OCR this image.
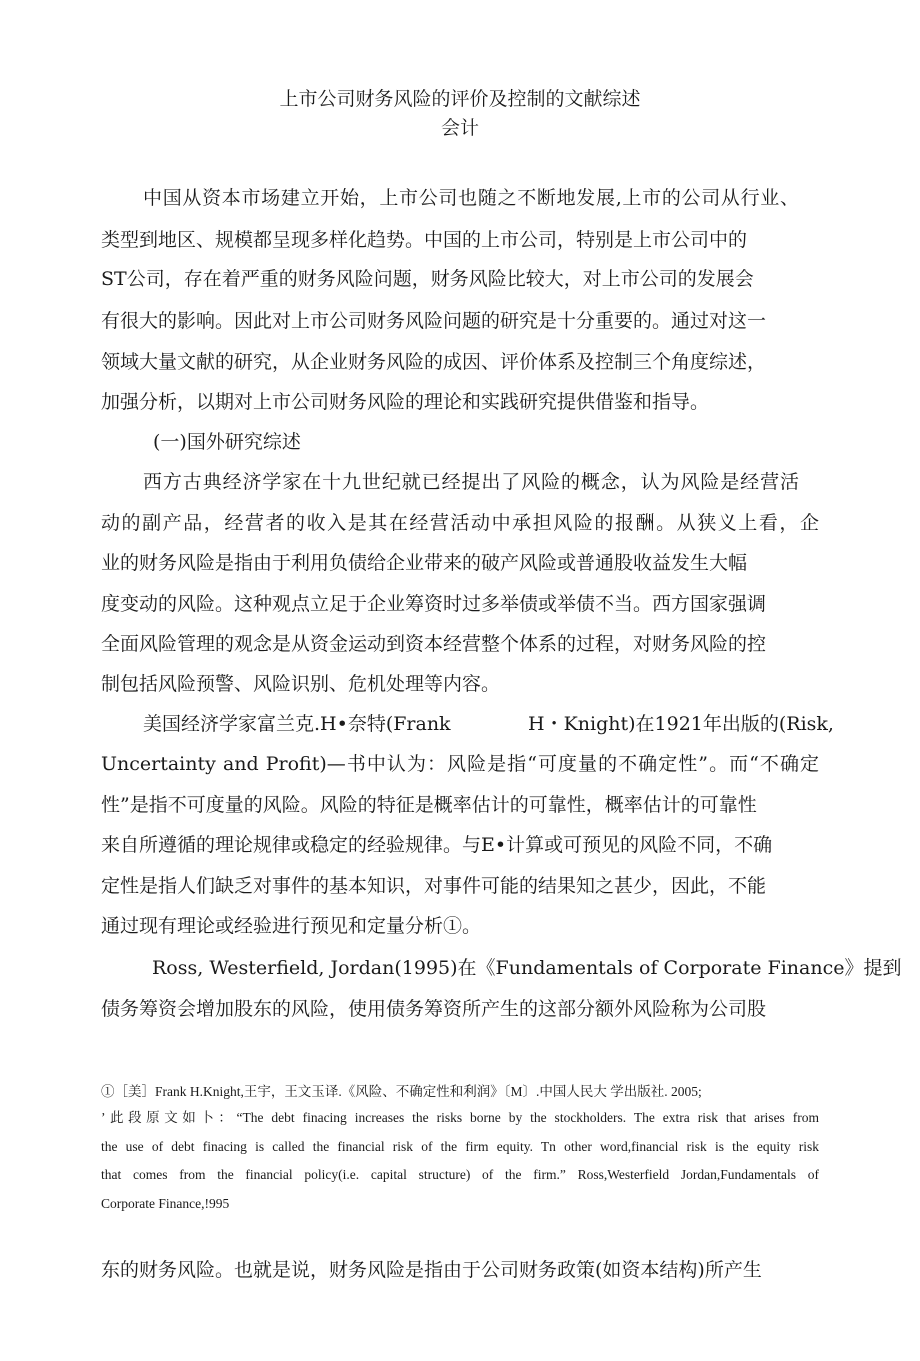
上市公司财务风险的评价及控制的文献综述
会计
中国从资本市场建立开始，上市公司也随之不断地发展,上市的公司从行业、
类型到地区、规模都呈现多样化趋势。中国的上市公司，特别是上市公司中的
ST公司，存在着严重的财务风险问题，财务风险比较大，对上市公司的发展会
有很大的影响。因此对上市公司财务风险问题的研究是十分重要的。通过对这一
领域大量文献的研究，从企业财务风险的成因、评价体系及控制三个角度综述，
加强分析，以期对上市公司财务风险的理论和实践研究提供借鉴和指导。
(一)国外研究综述
西方古典经济学家在十九世纪就已经提出了风险的概念，认为风险是经营活
动的副产品，经营者的收入是其在经营活动中承担风险的报酬。从狭义上看，企
业的财务风险是指由于利用负债给企业带来的破产风险或普通股收益发生大幅
度变动的风险。这种观点立足于企业筹资时过多举债或举债不当。西方国家强调
全面风险管理的观念是从资金运动到资本经营整个体系的过程，对财务风险的控
制包括风险预警、风险识别、危机处理等内容。
美国经济学家富兰克.H•奈特(Frank	H・Knight)在1921年出版的(Risk,
Uncertainty and Profit)—书中认为：风险是指“可度量的不确定性”。而“不确定
性”是指不可度量的风险。风险的特征是概率估计的可靠性，概率估计的可靠性
来自所遵循的理论规律或稳定的经验规律。与E•计算或可预见的风险不同，不确
定性是指人们缺乏对事件的基本知识，对事件可能的结果知之甚少，因此，不能
通过现有理论或经验进行预见和定量分析①。
Ross, Westerfield, Jordan(1995)在《Fundamentals of Corporate Finance》提到
债务筹资会增加股东的风险，使用债务筹资所产生的这部分额外风险称为公司股
①［美］Frank H.Knight,王宇，王文玉译.《风险、不确定性和利润》〔M〕.中国人民大 学出版社. 2005;
’此段原文如卜：“The debt finacing increases the risks borne by the stockholders. The extra risk that arises from
the use of debt finacing is called the financial risk of the firm equity. Tn other word,financial risk is the equity risk
that comes from the financial policy(i.e. capital structure) of the firm.” Ross,Westerfield Jordan,Fundamentals of
Corporate Finance,!995
东的财务风险。也就是说，财务风险是指由于公司财务政策(如资本结构)所产生
